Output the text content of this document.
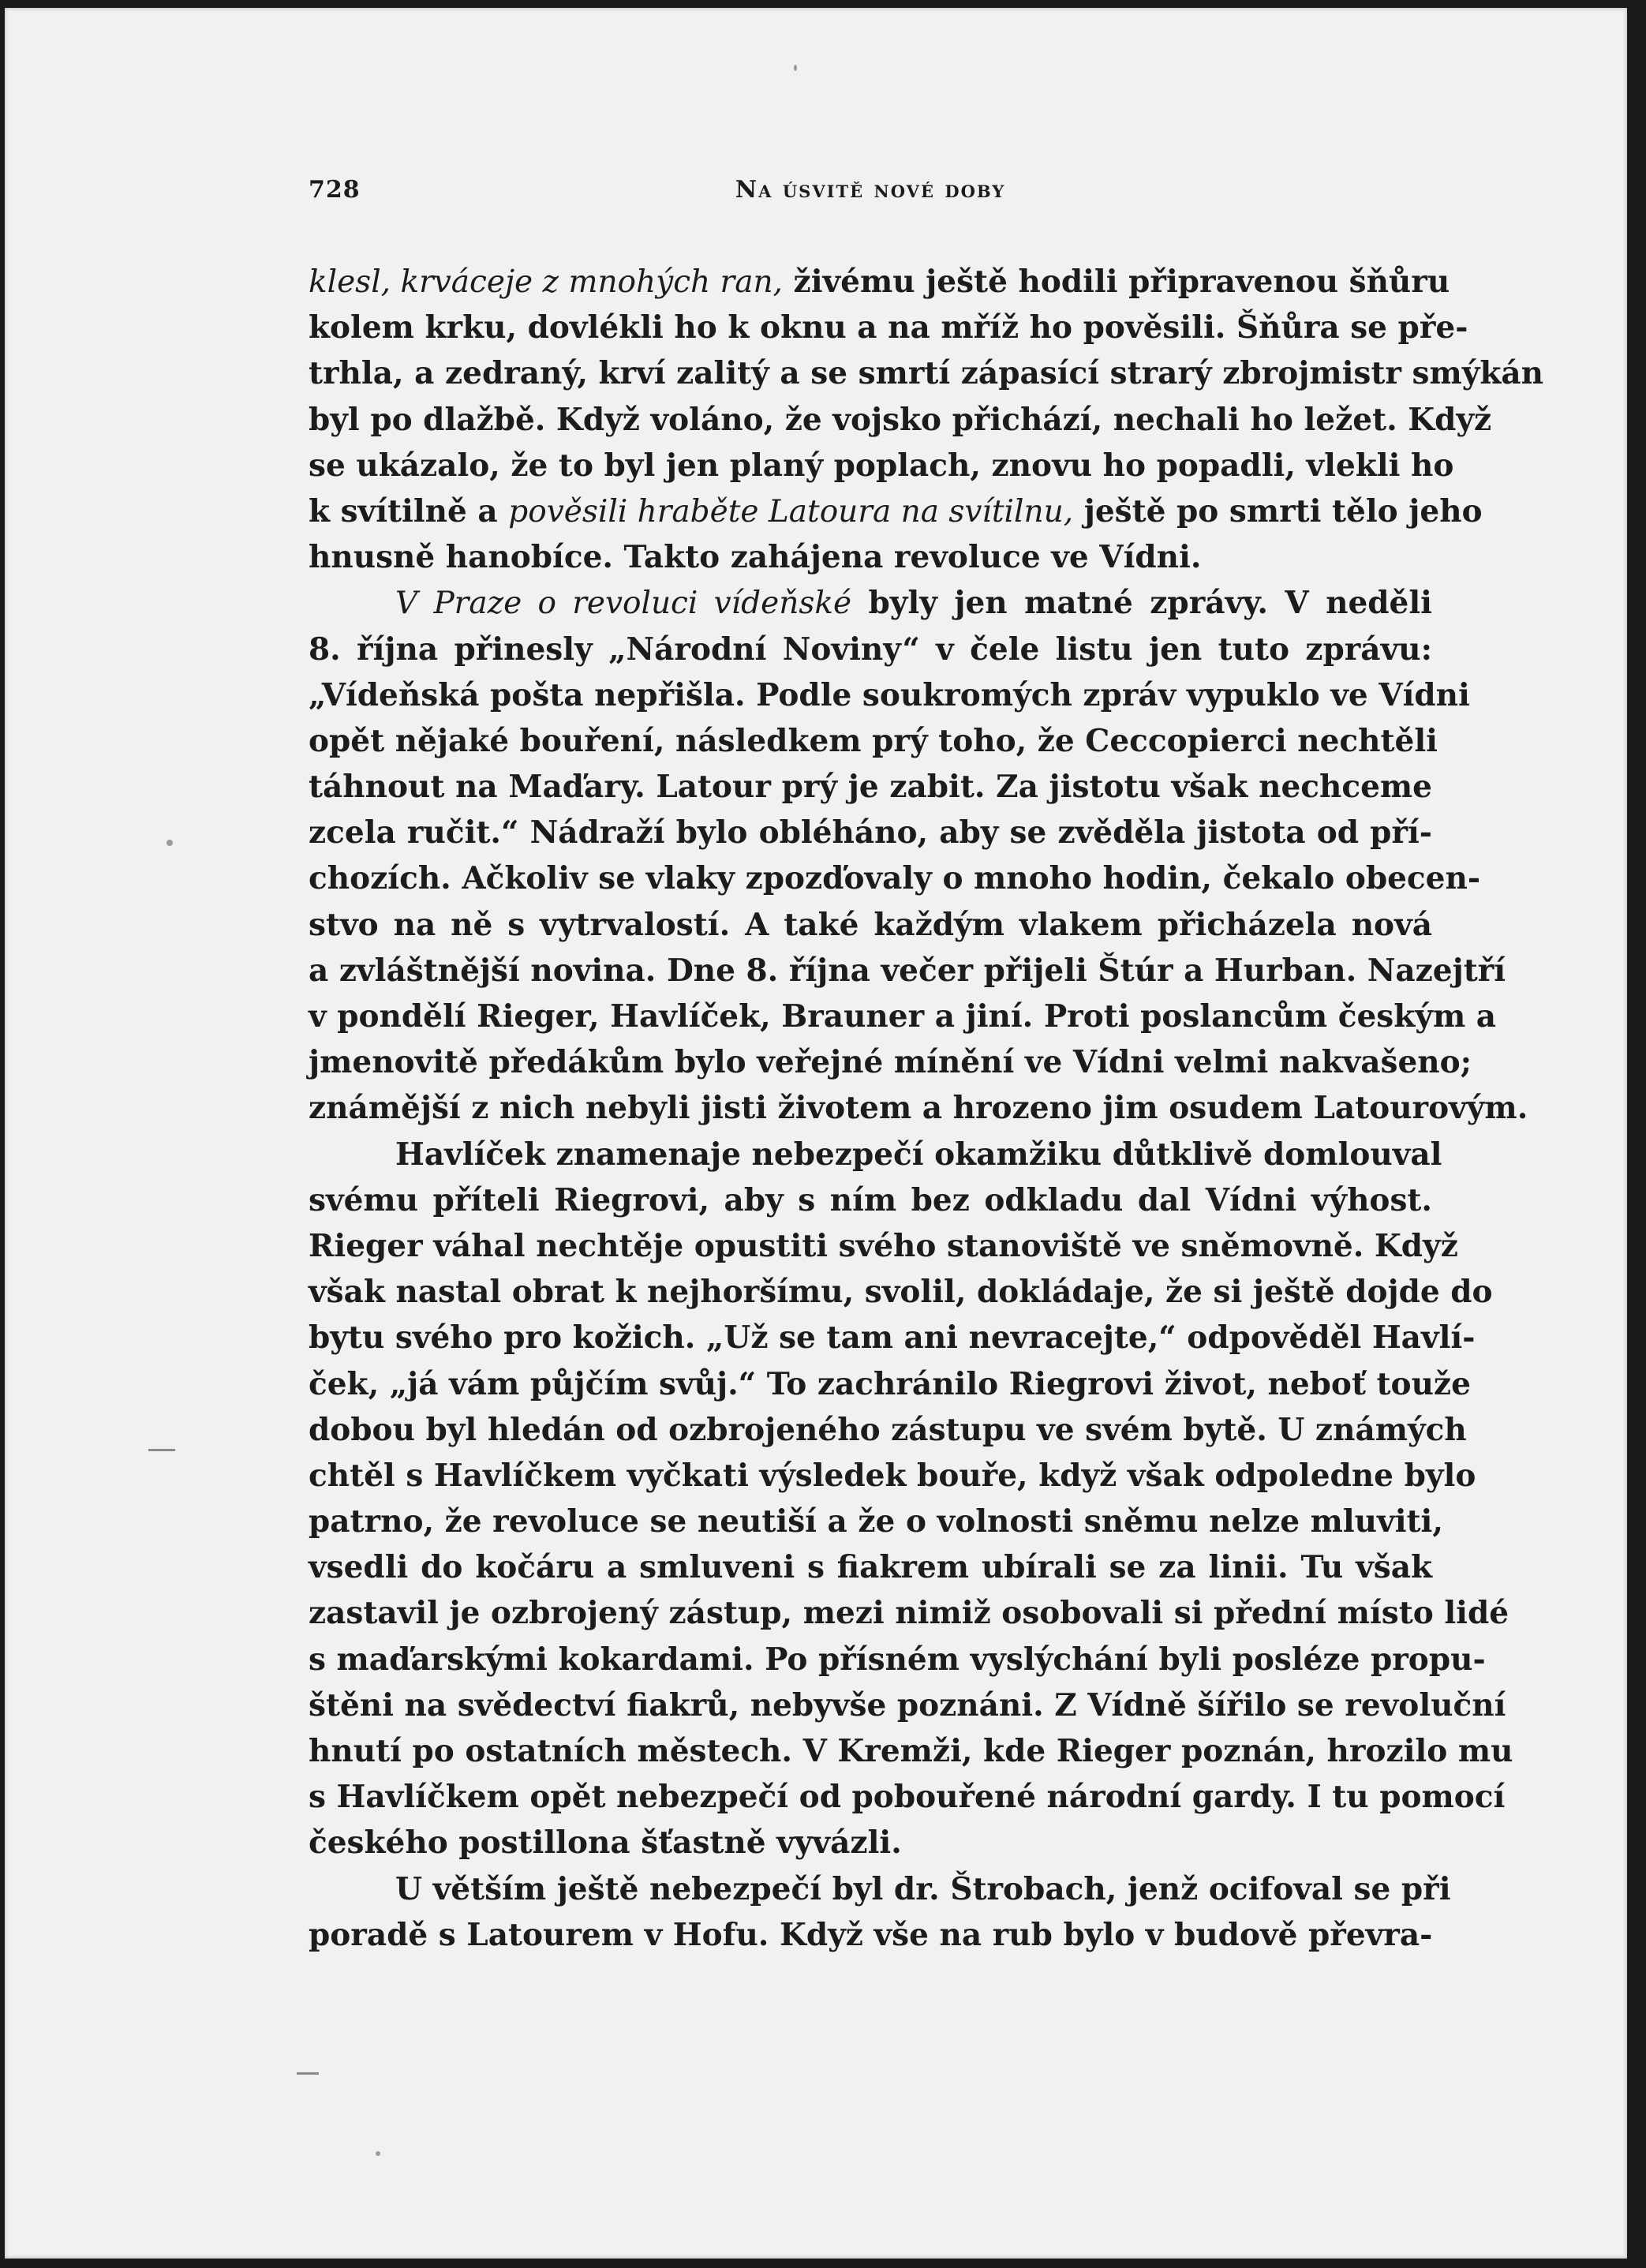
728	Na úsvitě nové doby
klesl, krváceje z mnohých ran, živému ještě hodili připravenou šňůru
kolem krku, dovlékli ho k oknu a na mříž ho pověsili. Šňůra se pře-
trhla, a zedraný, krví zalitý a se smrtí zápasící strarý zbrojmistr smýkán
byl po dlažbě. Když voláno, že vojsko přichází, nechali ho ležet. Když
se ukázalo, že to byl jen planý poplach, znovu ho popadli, vlekli ho
k svítilně a pověsili hraběte Latoura na svítilnu, ještě po smrti tělo jeho
hnusně hanobíce. Takto zahájena revoluce ve Vídni.
V Praze o revoluci vídeňské byly jen matné zprávy. V neděli
8. října přinesly „Národní Noviny“ v čele listu jen tuto zprávu:
„Vídeňská pošta nepřišla. Podle soukromých zpráv vypuklo ve Vídni
opět nějaké bouření, následkem prý toho, že Ceccopierci nechtěli
táhnout na Maďary. Latour prý je zabit. Za jistotu však nechceme
zcela ručit.“ Nádraží bylo obléháno, aby se zvěděla jistota od pří-
chozích. Ačkoliv se vlaky zpozďovaly o mnoho hodin, čekalo obecen-
stvo na ně s vytrvalostí. A také každým vlakem přicházela nová
a zvláštnější novina. Dne 8. října večer přijeli Štúr a Hurban. Nazejtří
v pondělí Rieger, Havlíček, Brauner a jiní. Proti poslancům českým a
jmenovitě předákům bylo veřejné mínění ve Vídni velmi nakvašeno;
známější z nich nebyli jisti životem a hrozeno jim osudem Latourovým.
Havlíček znamenaje nebezpečí okamžiku důtklivě domlouval
svému příteli Riegrovi, aby s ním bez odkladu dal Vídni výhost.
Rieger váhal nechtěje opustiti svého stanoviště ve sněmovně. Když
však nastal obrat k nejhoršímu, svolil, dokládaje, že si ještě dojde do
bytu svého pro kožich. „Už se tam ani nevracejte,“ odpověděl Havlí-
ček, „já vám půjčím svůj.“ To zachránilo Riegrovi život, neboť touže
dobou byl hledán od ozbrojeného zástupu ve svém bytě. U známých
chtěl s Havlíčkem vyčkati výsledek bouře, když však odpoledne bylo
patrno, že revoluce se neutiší a že o volnosti sněmu nelze mluviti,
vsedli do kočáru a smluveni s fiakrem ubírali se za linii. Tu však
zastavil je ozbrojený zástup, mezi nimiž osobovali si přední místo lidé
s maďarskými kokardami. Po přísném vyslýchání byli posléze propu-
štěni na svědectví fiakrů, nebyvše poznáni. Z Vídně šířilo se revoluční
hnutí po ostatních městech. V Kremži, kde Rieger poznán, hrozilo mu
s Havlíčkem opět nebezpečí od pobouřené národní gardy. I tu pomocí
českého postillona šťastně vyvázli.
U větším ještě nebezpečí byl dr. Štrobach, jenž ocifoval se při
poradě s Latourem v Hofu. Když vše na rub bylo v budově převra-
